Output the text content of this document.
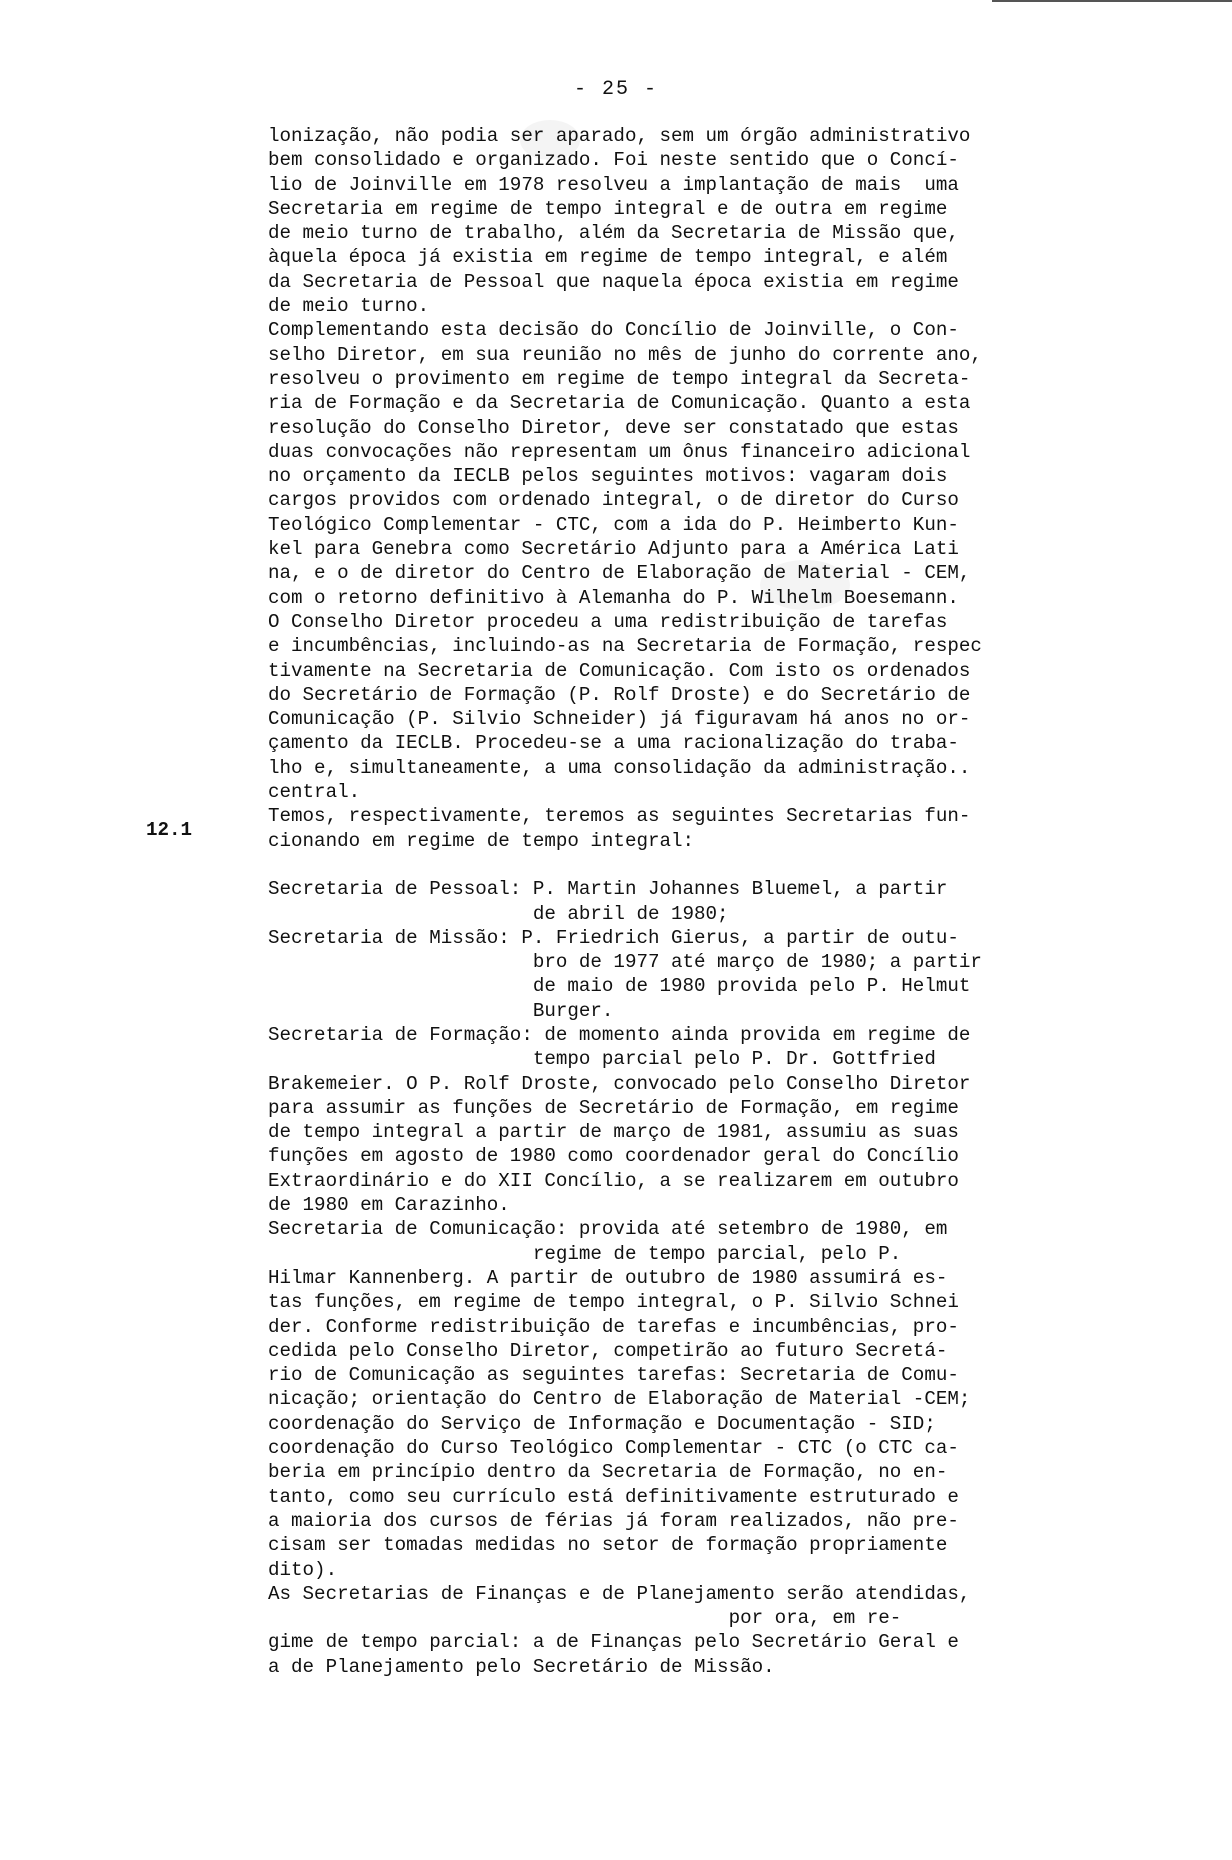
- 25 -
12.1
lonização, não podia ser aparado, sem um órgão administrativo
bem consolidado e organizado. Foi neste sentido que o Concí-
lio de Joinville em 1978 resolveu a implantação de mais  uma
Secretaria em regime de tempo integral e de outra em regime
de meio turno de trabalho, além da Secretaria de Missão que,
àquela época já existia em regime de tempo integral, e além
da Secretaria de Pessoal que naquela época existia em regime
de meio turno.
Complementando esta decisão do Concílio de Joinville, o Con-
selho Diretor, em sua reunião no mês de junho do corrente ano,
resolveu o provimento em regime de tempo integral da Secreta-
ria de Formação e da Secretaria de Comunicação. Quanto a esta
resolução do Conselho Diretor, deve ser constatado que estas
duas convocações não representam um ônus financeiro adicional
no orçamento da IECLB pelos seguintes motivos: vagaram dois
cargos providos com ordenado integral, o de diretor do Curso
Teológico Complementar - CTC, com a ida do P. Heimberto Kun-
kel para Genebra como Secretário Adjunto para a América Lati
na, e o de diretor do Centro de Elaboração de Material - CEM,
com o retorno definitivo à Alemanha do P. Wilhelm Boesemann.
O Conselho Diretor procedeu a uma redistribuição de tarefas
e incumbências, incluindo-as na Secretaria de Formação, respec
tivamente na Secretaria de Comunicação. Com isto os ordenados
do Secretário de Formação (P. Rolf Droste) e do Secretário de
Comunicação (P. Silvio Schneider) já figuravam há anos no or-
çamento da IECLB. Procedeu-se a uma racionalização do traba-
lho e, simultaneamente, a uma consolidação da administração..
central.
Temos, respectivamente, teremos as seguintes Secretarias fun-
cionando em regime de tempo integral:
Secretaria de Pessoal: P. Martin Johannes Bluemel, a partir
de abril de 1980;
Secretaria de Missão: P. Friedrich Gierus, a partir de outu-
bro de 1977 até março de 1980; a partir
de maio de 1980 provida pelo P. Helmut
Burger.
Secretaria de Formação: de momento ainda provida em regime de
tempo parcial pelo P. Dr. Gottfried
Brakemeier. O P. Rolf Droste, convocado pelo Conselho Diretor
para assumir as funções de Secretário de Formação, em regime
de tempo integral a partir de março de 1981, assumiu as suas
funções em agosto de 1980 como coordenador geral do Concílio
Extraordinário e do XII Concílio, a se realizarem em outubro
de 1980 em Carazinho.
Secretaria de Comunicação: provida até setembro de 1980, em
regime de tempo parcial, pelo P.
Hilmar Kannenberg. A partir de outubro de 1980 assumirá es-
tas funções, em regime de tempo integral, o P. Silvio Schnei
der. Conforme redistribuição de tarefas e incumbências, pro-
cedida pelo Conselho Diretor, competirão ao futuro Secretá-
rio de Comunicação as seguintes tarefas: Secretaria de Comu-
nicação; orientação do Centro de Elaboração de Material -CEM;
coordenação do Serviço de Informação e Documentação - SID;
coordenação do Curso Teológico Complementar - CTC (o CTC ca-
beria em princípio dentro da Secretaria de Formação, no en-
tanto, como seu currículo está definitivamente estruturado e
a maioria dos cursos de férias já foram realizados, não pre-
cisam ser tomadas medidas no setor de formação propriamente
dito).
As Secretarias de Finanças e de Planejamento serão atendidas,
por ora, em re-
gime de tempo parcial: a de Finanças pelo Secretário Geral e
a de Planejamento pelo Secretário de Missão.
